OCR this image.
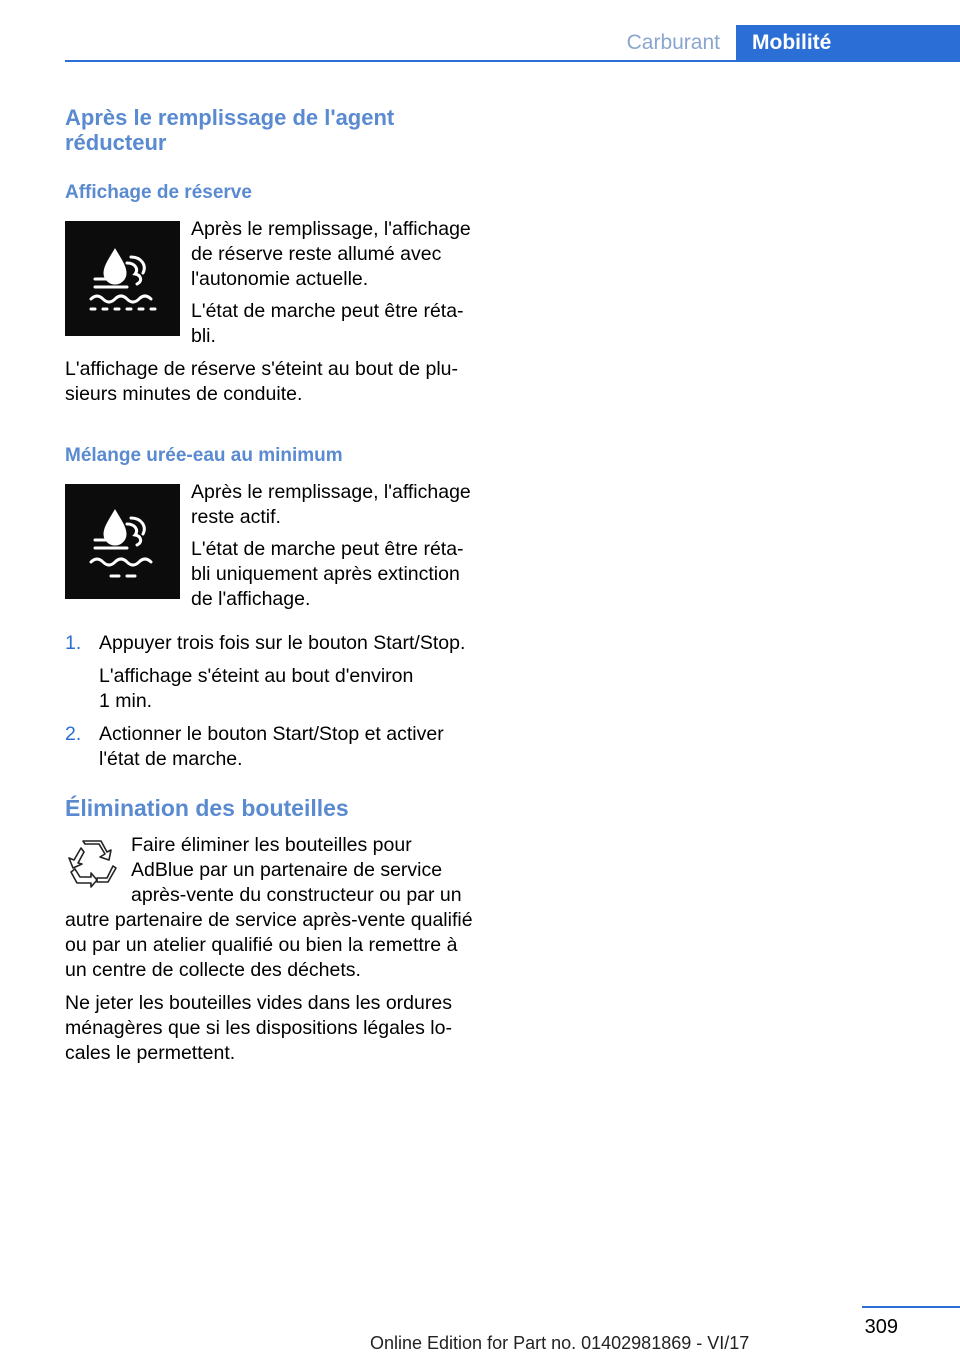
Carburant	Mobilité
Après le remplissage de l'agent
réducteur
Affichage de réserve
Après le remplissage, l'affichage
de réserve reste allumé avec
l'autonomie actuelle.
L'état de marche peut être réta-
bli.
L'affichage de réserve s'éteint au bout de plu-
sieurs minutes de conduite.
Mélange urée-eau au minimum
Après le remplissage, l'affichage
reste actif.
L'état de marche peut être réta-
bli uniquement après extinction
de l'affichage.
1. Appuyer trois fois sur le bouton Start/Stop.
L'affichage s'éteint au bout d'environ
1 min.
2. Actionner le bouton Start/Stop et activer
l'état de marche.
Élimination des bouteilles
Faire éliminer les bouteilles pour
AdBlue par un partenaire de service
après-vente du constructeur ou par un
autre partenaire de service après-vente qualifié
ou par un atelier qualifié ou bien la remettre à
un centre de collecte des déchets.
Ne jeter les bouteilles vides dans les ordures
ménagères que si les dispositions légales lo-
cales le permettent.
309
Online Edition for Part no. 01402981869 - VI/17
